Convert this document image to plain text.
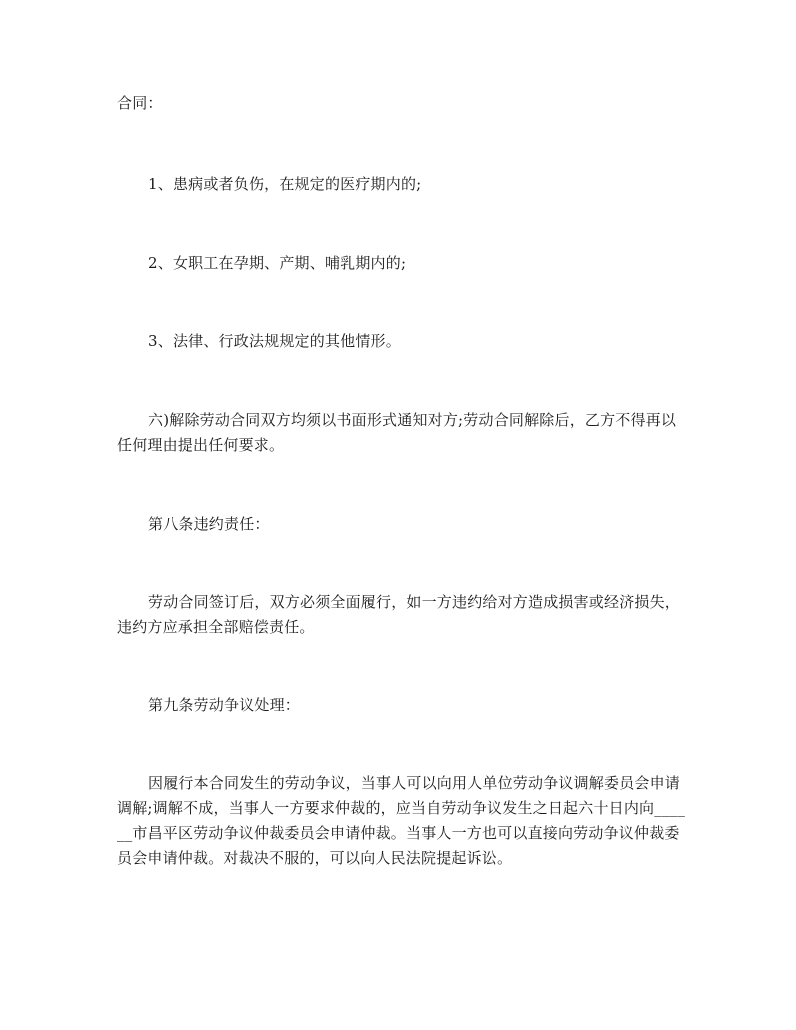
合同：

1、患病或者负伤，在规定的医疗期内的;

2、女职工在孕期、产期、哺乳期内的;

3、法律、行政法规规定的其他情形。

六)解除劳动合同双方均须以书面形式通知对方;劳动合同解除后，乙方不得再以任何理由提出任何要求。

第八条违约责任：

劳动合同签订后，双方必须全面履行，如一方违约给对方造成损害或经济损失，违约方应承担全部赔偿责任。

第九条劳动争议处理：

因履行本合同发生的劳动争议，当事人可以向用人单位劳动争议调解委员会申请调解;调解不成，当事人一方要求仲裁的，应当自劳动争议发生之日起六十日内向______市昌平区劳动争议仲裁委员会申请仲裁。当事人一方也可以直接向劳动争议仲裁委员会申请仲裁。对裁决不服的，可以向人民法院提起诉讼。
